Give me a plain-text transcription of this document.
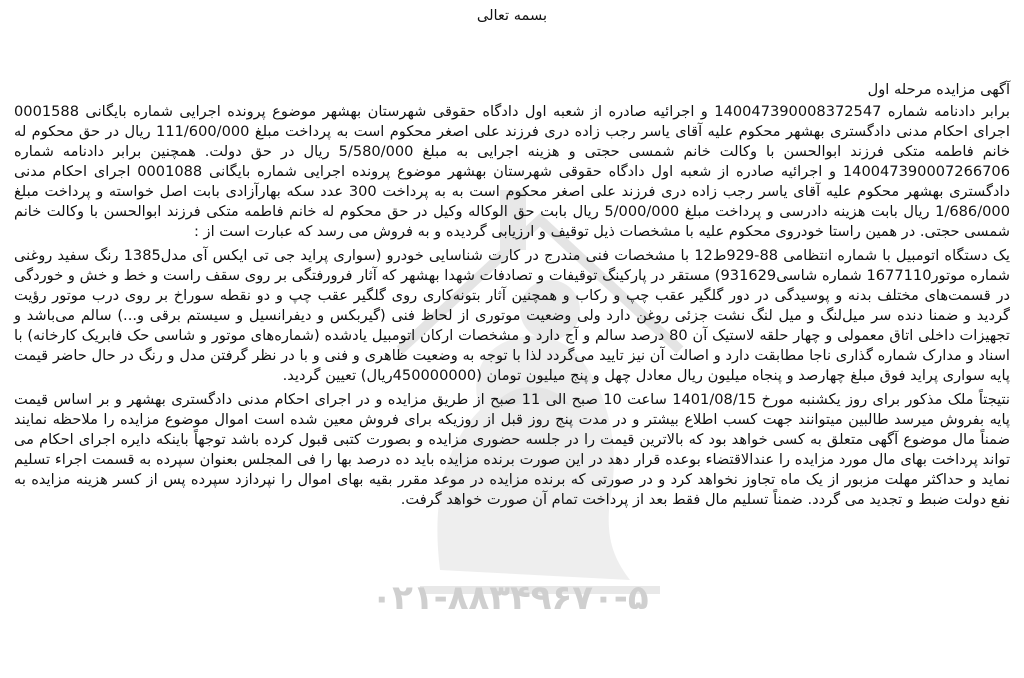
۰۲۱-۸۸۳۴۹۶۷۰-۵
بسمه تعالی
آگهی مزایده مرحله اول
برابر دادنامه شماره 140047390008372547 و اجرائیه صادره از شعبه اول دادگاه حقوقی شهرستان بهشهر موضوع پرونده اجرایی شماره بایگانی 0001588 اجرای احکام مدنی دادگستری بهشهر محکوم علیه آقای یاسر رجب زاده دری فرزند علی اصغر محکوم است به پرداخت مبلغ 111/600/000 ریال در حق محکوم له خانم فاطمه متکی فرزند ابوالحسن با وکالت خانم شمسی حجتی و هزینه اجرایی به مبلغ 5/580/000 ریال در حق دولت. همچنین برابر دادنامه شماره 140047390007266706 و اجرائیه صادره از شعبه اول دادگاه حقوقی شهرستان بهشهر موضوع پرونده اجرایی شماره بایگانی 0001088 اجرای احکام مدنی دادگستری بهشهر محکوم علیه آقای یاسر رجب زاده دری فرزند علی اصغر محکوم است به به پرداخت 300 عدد سکه بهارآزادی بابت اصل خواسته و پرداخت مبلغ 1/686/000 ریال بابت هزینه دادرسی و پرداخت مبلغ 5/000/000 ریال بابت حق الوکاله وکیل در حق محکوم له خانم فاطمه متکی فرزند ابوالحسن با وکالت خانم شمسی حجتی. در همین راستا خودروی محکوم علیه با مشخصات ذیل توقیف و ارزیابی گردیده و به فروش می رسد که عبارت است از :
یک دستگاه اتومبیل با شماره انتظامی 88-929ط12 با مشخصات فنی مندرج در کارت شناسایی خودرو (سواری پراید جی تی ایکس آی مدل1385 رنگ سفید روغنی شماره موتور1677110 شماره شاسی931629) مستقر در پارکینگ توقیفات و تصادفات شهدا بهشهر که آثار فرورفتگی بر روی سقف راست و خط و خش و خوردگی در قسمت‌های مختلف بدنه و پوسیدگی در دور گلگیر عقب چپ و رکاب و همچنین آثار بتونه‌کاری روی گلگیر عقب چپ و دو نقطه سوراخ بر روی درب موتور رؤیت گردید و ضمنا دنده سر میل‌لنگ و میل لنگ نشت جزئی روغن دارد ولی وضعیت موتوری از لحاظ فنی (گیربکس و دیفرانسیل و سیستم برقی و...) سالم می‌باشد و تجهیزات داخلی اتاق معمولی و چهار حلقه لاستیک آن 80 درصد سالم و آج دارد و مشخصات ارکان اتومبیل یادشده (شماره‌های موتور و شاسی حک فابریک کارخانه) با اسناد و مدارک شماره گذاری ناجا مطابقت دارد و اصالت آن نیز تایید می‌گردد لذا با توجه به وضعیت ظاهری و فنی و با در نظر گرفتن مدل و رنگ در حال حاضر قیمت پایه سواری پراید فوق مبلغ چهارصد و پنجاه میلیون ریال معادل چهل و پنج میلیون تومان (450000000ریال) تعیین گردید.
نتیجتاً ملک مذکور برای روز یکشنبه مورخ 1401/08/15 ساعت 10 صبح الی 11 صبح از طریق مزایده و در اجرای احکام مدنی دادگستری بهشهر و بر اساس قیمت پایه بفروش میرسد طالبین میتوانند جهت کسب اطلاع بیشتر و در مدت پنج روز قبل از روزیکه برای فروش معین شده است اموال موضوع مزایده را ملاحظه نمایند ضمناً مال موضوع آگهی متعلق به کسی خواهد بود که بالاترین قیمت را در جلسه حضوری مزایده و بصورت کتبی قبول کرده باشد توجهاً باینکه دایره اجرای احکام می تواند پرداخت بهای مال مورد مزایده را عندالاقتضاء بوعده قرار دهد در این صورت برنده مزایده باید ده درصد بها را فی المجلس بعنوان سپرده به قسمت اجراء تسلیم نماید و حداکثر مهلت مزبور از یک ماه تجاوز نخواهد کرد و در صورتی که برنده مزایده در موعد مقرر بقیه بهای اموال را نپردازد سپرده پس از کسر هزینه مزایده به نفع دولت ضبط و تجدید می گردد. ضمناً تسلیم مال فقط بعد از پرداخت تمام آن صورت خواهد گرفت.
